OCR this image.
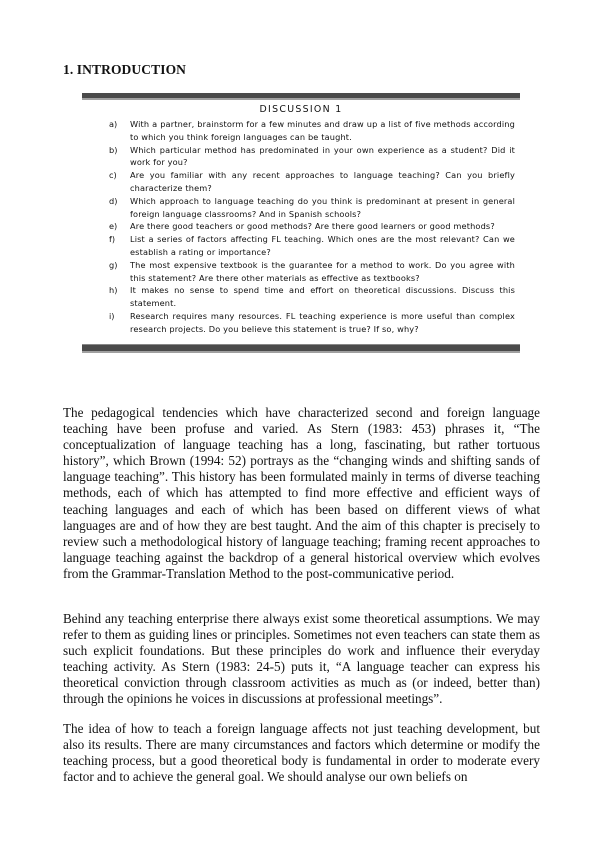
1. INTRODUCTION
DISCUSSION 1
a)	With a partner, brainstorm for a few minutes and draw up a list of five methods according to which you think foreign languages can be taught.
b)	Which particular method has predominated in your own experience as a student? Did it work for you?
c)	Are you familiar with any recent approaches to language teaching? Can you briefly characterize them?
d)	Which approach to language teaching do you think is predominant at present in general foreign language classrooms? And in Spanish schools?
e)	Are there good teachers or good methods? Are there good learners or good methods?
f)	List a series of factors affecting FL teaching. Which ones are the most relevant? Can we establish a rating or importance?
g)	The most expensive textbook is the guarantee for a method to work. Do you agree with this statement? Are there other materials as effective as textbooks?
h)	It makes no sense to spend time and effort on theoretical discussions. Discuss this statement.
i)	Research requires many resources. FL teaching experience is more useful than complex research projects. Do you believe this statement is true? If so, why?

The pedagogical tendencies which have characterized second and foreign language teaching have been profuse and varied. As Stern (1983: 453) phrases it, “The conceptualization of language teaching has a long, fascinating, but rather tortuous history”, which Brown (1994: 52) portrays as the “changing winds and shifting sands of language teaching”. This history has been formulated mainly in terms of diverse teaching methods, each of which has attempted to find more effective and efficient ways of teaching languages and each of which has been based on different views of what languages are and of how they are best taught. And the aim of this chapter is precisely to review such a methodological history of language teaching; framing recent approaches to language teaching against the backdrop of a general historical overview which evolves from the Grammar-Translation Method to the post-communicative period.

Behind any teaching enterprise there always exist some theoretical assumptions. We may refer to them as guiding lines or principles. Sometimes not even teachers can state them as such explicit foundations. But these principles do work and influence their everyday teaching activity. As Stern (1983: 24-5) puts it, “A language teacher can express his theoretical conviction through classroom activities as much as (or indeed, better than) through the opinions he voices in discussions at professional meetings”.

The idea of how to teach a foreign language affects not just teaching development, but also its results. There are many circumstances and factors which determine or modify the teaching process, but a good theoretical body is fundamental in order to moderate every factor and to achieve the general goal. We should analyse our own beliefs on
